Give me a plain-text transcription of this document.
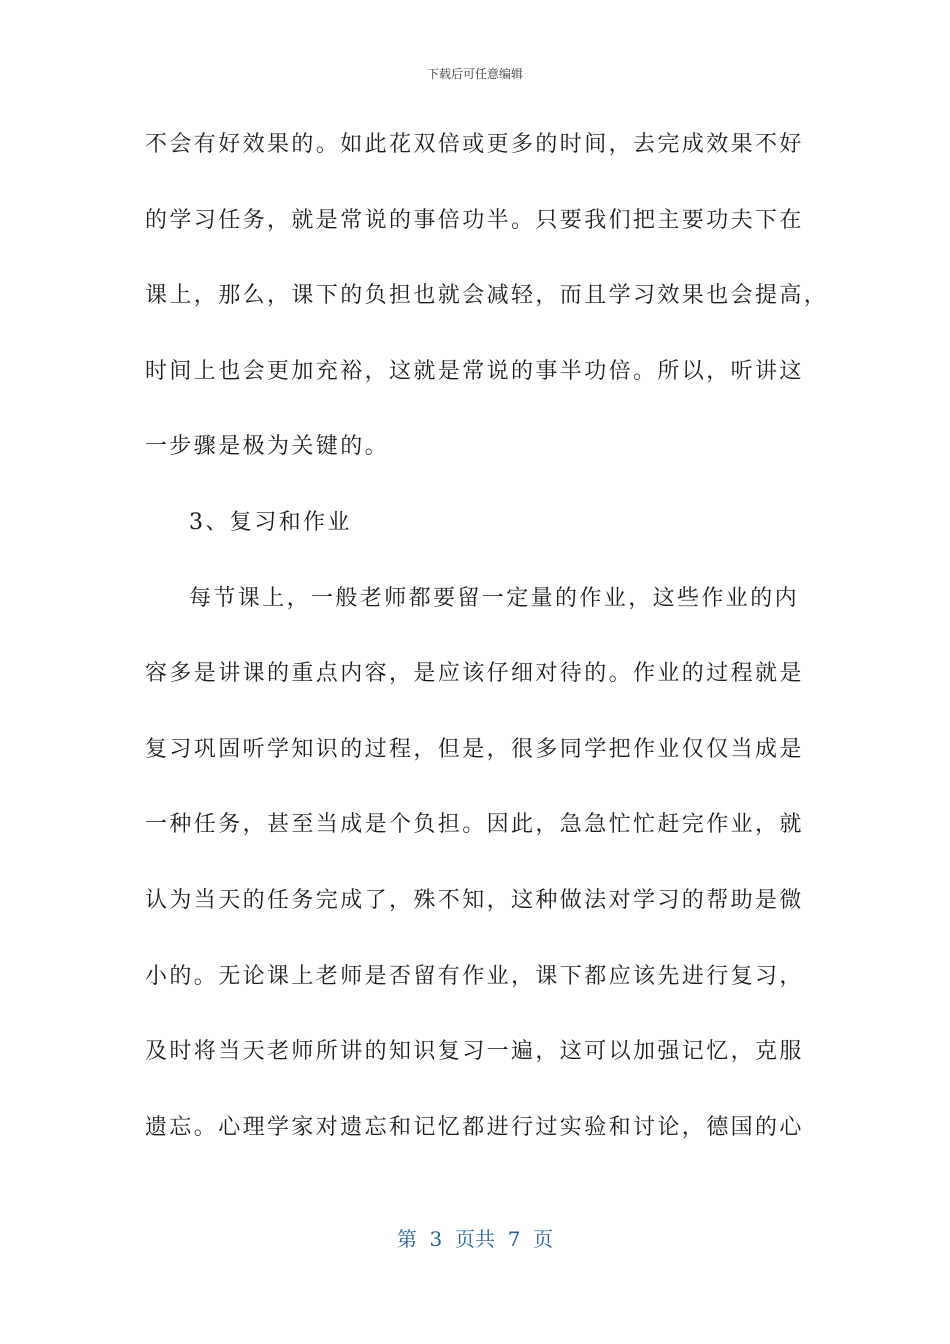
下载后可任意编辑
不会有好效果的。如此花双倍或更多的时间，去完成效果不好
的学习任务，就是常说的事倍功半。只要我们把主要功夫下在
课上，那么，课下的负担也就会减轻，而且学习效果也会提高，
时间上也会更加充裕，这就是常说的事半功倍。所以，听讲这
一步骤是极为关键的。
3、复习和作业
每节课上，一般老师都要留一定量的作业，这些作业的内
容多是讲课的重点内容，是应该仔细对待的。作业的过程就是
复习巩固听学知识的过程，但是，很多同学把作业仅仅当成是
一种任务，甚至当成是个负担。因此，急急忙忙赶完作业，就
认为当天的任务完成了，殊不知，这种做法对学习的帮助是微
小的。无论课上老师是否留有作业，课下都应该先进行复习，
及时将当天老师所讲的知识复习一遍，这可以加强记忆，克服
遗忘。心理学家对遗忘和记忆都进行过实验和讨论，德国的心
第  3  页共  7  页
